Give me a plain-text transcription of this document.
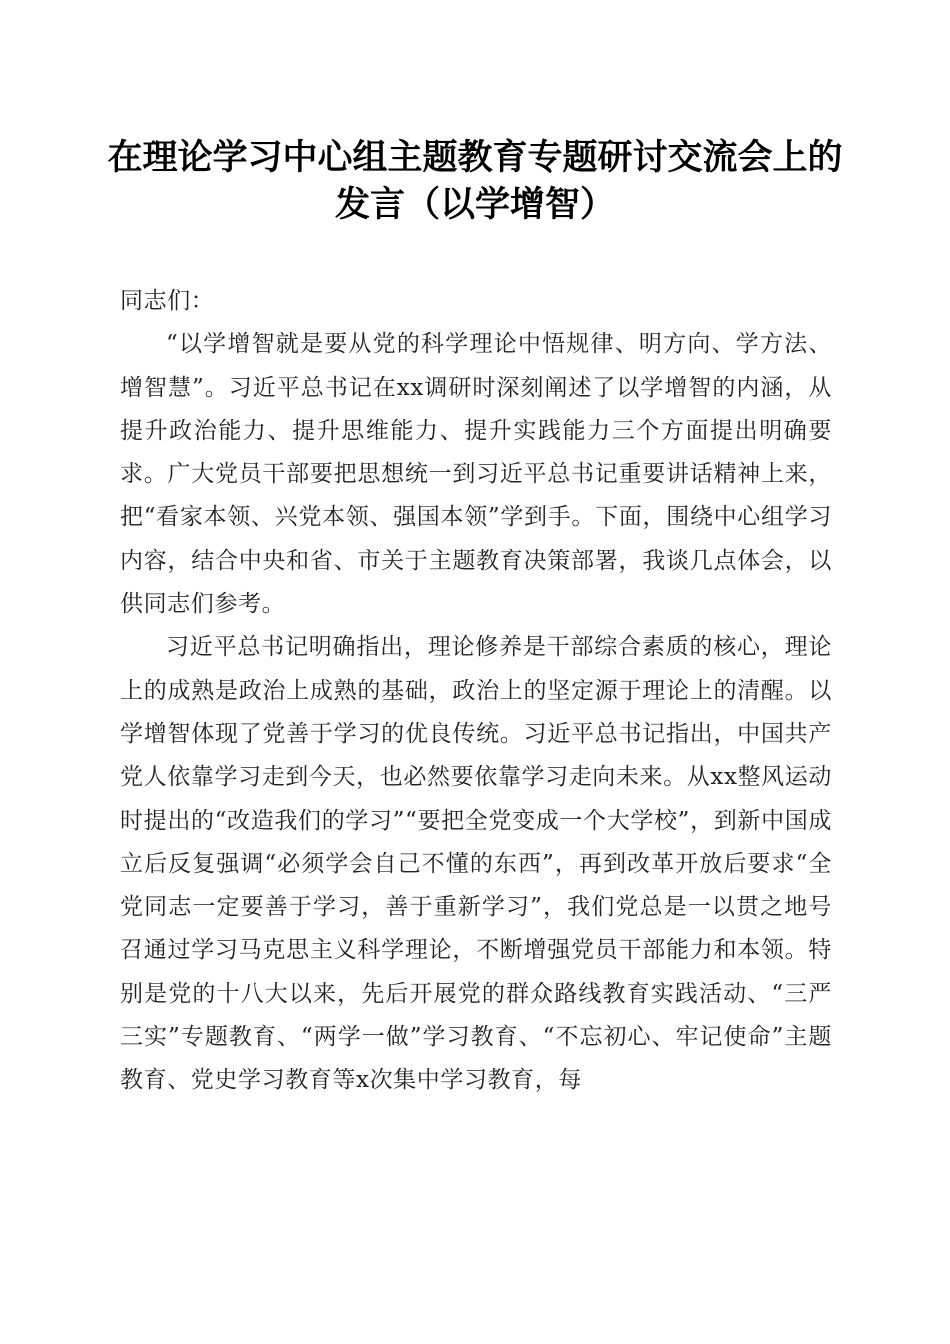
在理论学习中心组主题教育专题研讨交流会上的发言（以学增智）

同志们：

“以学增智就是要从党的科学理论中悟规律、明方向、学方法、增智慧”。习近平总书记在xx调研时深刻阐述了以学增智的内涵，从提升政治能力、提升思维能力、提升实践能力三个方面提出明确要求。广大党员干部要把思想统一到习近平总书记重要讲话精神上来，把“看家本领、兴党本领、强国本领”学到手。下面，围绕中心组学习内容，结合中央和省、市关于主题教育决策部署，我谈几点体会，以供同志们参考。

习近平总书记明确指出，理论修养是干部综合素质的核心，理论上的成熟是政治上成熟的基础，政治上的坚定源于理论上的清醒。以学增智体现了党善于学习的优良传统。习近平总书记指出，中国共产党人依靠学习走到今天，也必然要依靠学习走向未来。从xx整风运动时提出的“改造我们的学习”“要把全党变成一个大学校”，到新中国成立后反复强调“必须学会自己不懂的东西”，再到改革开放后要求“全党同志一定要善于学习，善于重新学习”，我们党总是一以贯之地号召通过学习马克思主义科学理论，不断增强党员干部能力和本领。特别是党的十八大以来，先后开展党的群众路线教育实践活动、“三严三实”专题教育、“两学一做”学习教育、“不忘初心、牢记使命”主题教育、党史学习教育等x次集中学习教育，每
